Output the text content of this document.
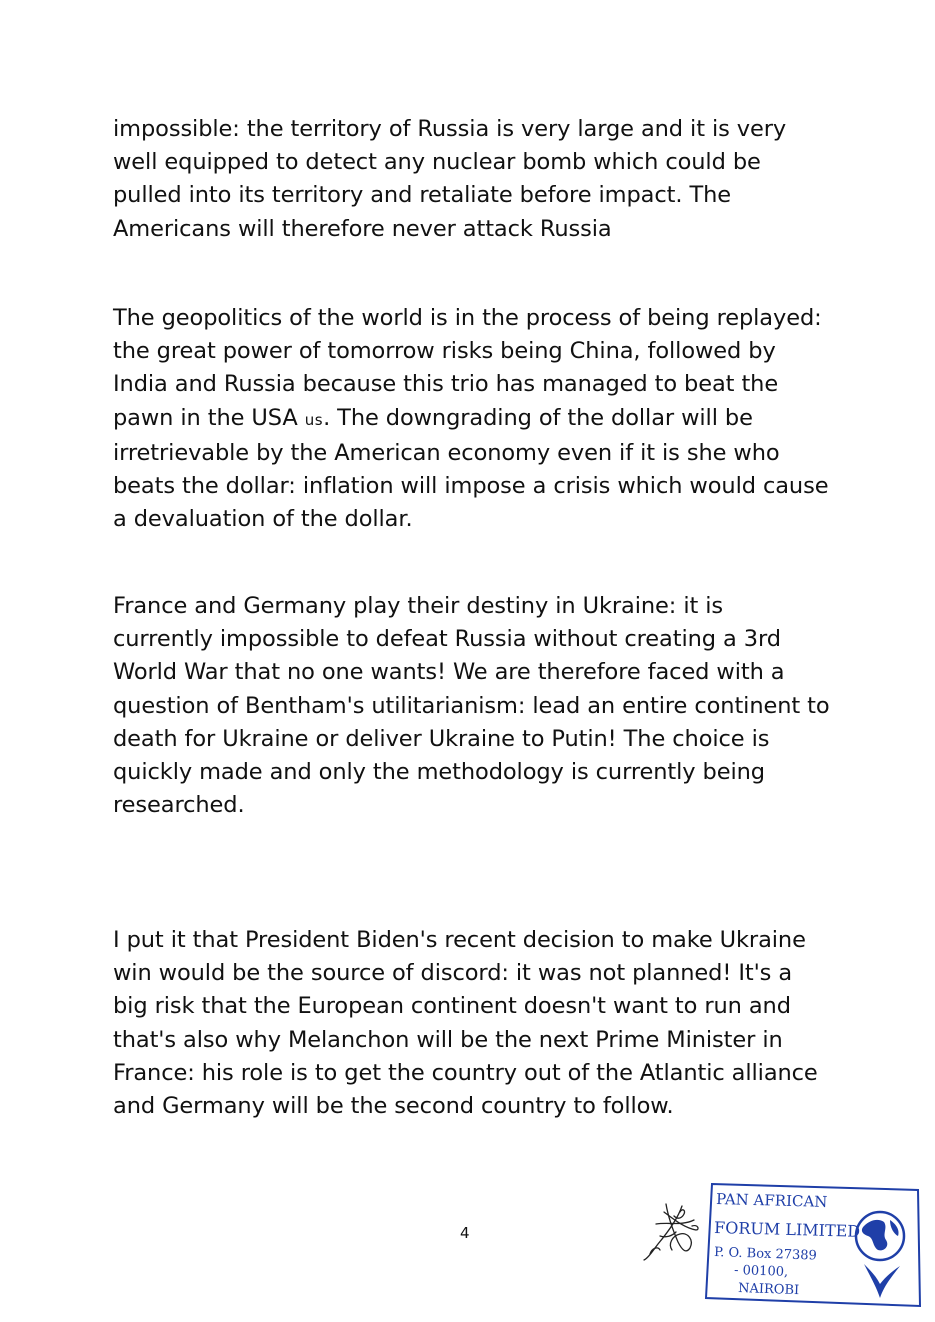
impossible: the territory of Russia is very large and it is very
well equipped to detect any nuclear bomb which could be
pulled into its territory and retaliate before impact. The
Americans will therefore never attack Russia

The geopolitics of the world is in the process of being replayed:
the great power of tomorrow risks being China, followed by
India and Russia because this trio has managed to beat the
pawn in the USA us. The downgrading of the dollar will be
irretrievable by the American economy even if it is she who
beats the dollar: inflation will impose a crisis which would cause
a devaluation of the dollar.

France and Germany play their destiny in Ukraine: it is
currently impossible to defeat Russia without creating a 3rd
World War that no one wants! We are therefore faced with a
question of Bentham's utilitarianism: lead an entire continent to
death for Ukraine or deliver Ukraine to Putin! The choice is
quickly made and only the methodology is currently being
researched.

I put it that President Biden's recent decision to make Ukraine
win would be the source of discord: it was not planned! It's a
big risk that the European continent doesn't want to run and
that's also why Melanchon will be the next Prime Minister in
France: his role is to get the country out of the Atlantic alliance
and Germany will be the second country to follow.

4
PAN AFRICAN
FORUM LIMITED
P. O. Box 27389
- 00100,
NAIROBI
